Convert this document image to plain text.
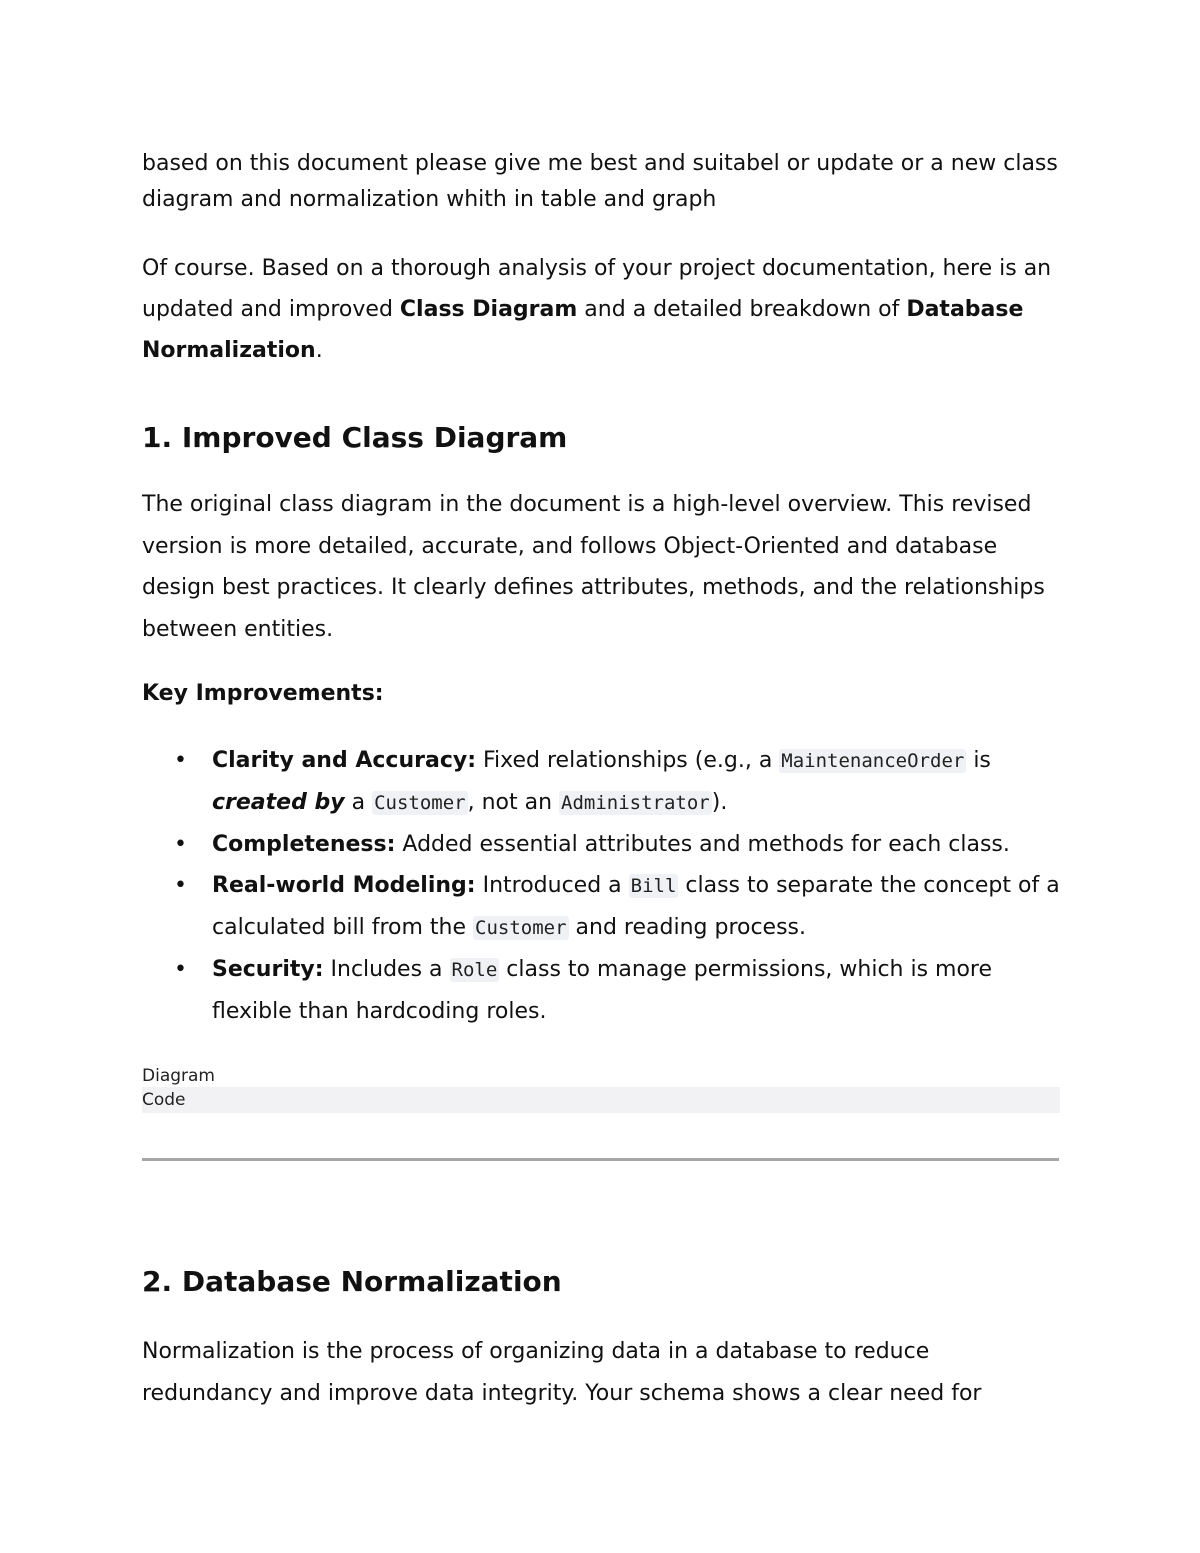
based on this document please give me best and suitabel or update or a new class diagram and normalization whith in table and graph

Of course. Based on a thorough analysis of your project documentation, here is an updated and improved Class Diagram and a detailed breakdown of Database Normalization.

1. Improved Class Diagram

The original class diagram in the document is a high-level overview. This revised version is more detailed, accurate, and follows Object-Oriented and database design best practices. It clearly defines attributes, methods, and the relationships between entities.

Key Improvements:

• Clarity and Accuracy: Fixed relationships (e.g., a MaintenanceOrder is created by a Customer, not an Administrator).
• Completeness: Added essential attributes and methods for each class.
• Real-world Modeling: Introduced a Bill class to separate the concept of a calculated bill from the Customer and reading process.
• Security: Includes a Role class to manage permissions, which is more flexible than hardcoding roles.
Diagram
Code
2. Database Normalization

Normalization is the process of organizing data in a database to reduce redundancy and improve data integrity. Your schema shows a clear need for
